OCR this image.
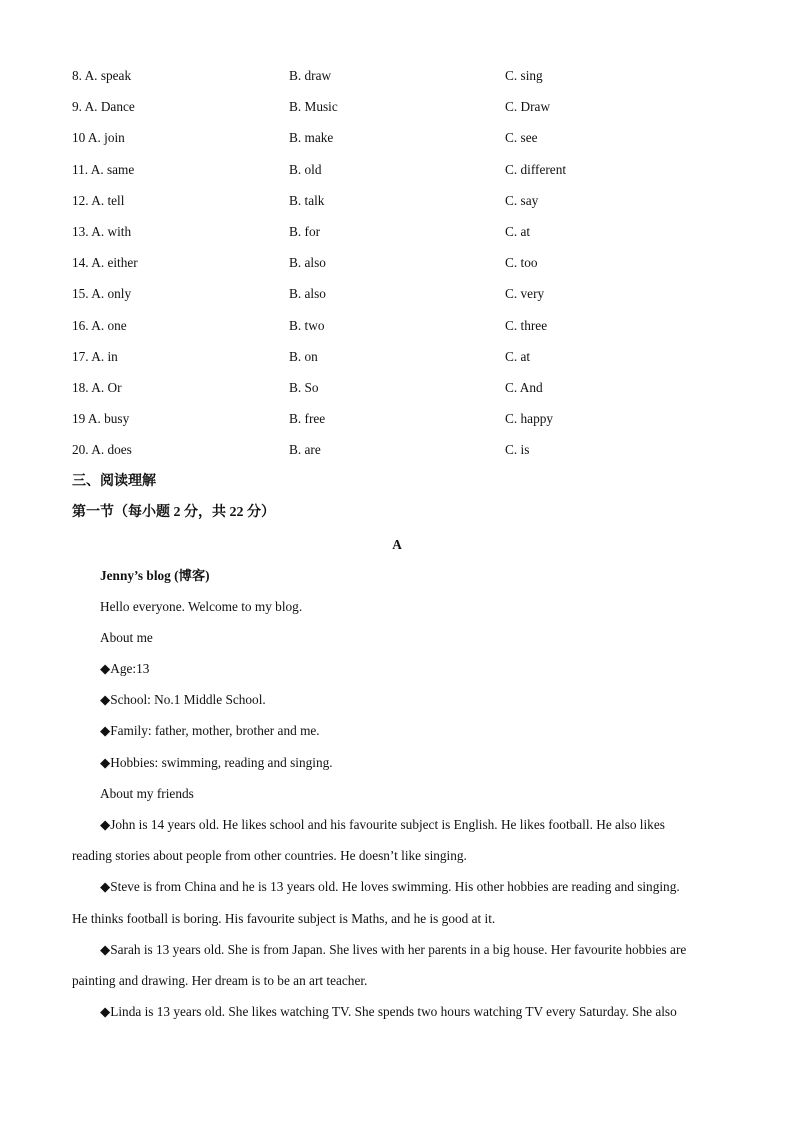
8. A. speak	B. draw	C. sing
9. A. Dance	B. Music	C. Draw
10 A. join	B. make	C. see
11. A. same	B. old	C. different
12. A. tell	B. talk	C. say
13. A. with	B. for	C. at
14. A. either	B. also	C. too
15. A. only	B. also	C. very
16. A. one	B. two	C. three
17. A. in	B. on	C. at
18. A. Or	B. So	C. And
19 A. busy	B. free	C. happy
20. A. does	B. are	C. is
三、阅读理解
第一节（每小题 2 分，共 22 分）
A
Jenny’s blog (博客)
Hello everyone. Welcome to my blog.
About me
◆Age:13
◆School: No.1 Middle School.
◆Family: father, mother, brother and me.
◆Hobbies: swimming, reading and singing.
About my friends
◆John is 14 years old. He likes school and his favourite subject is English. He likes football. He also likes
reading stories about people from other countries. He doesn’t like singing.
◆Steve is from China and he is 13 years old. He loves swimming. His other hobbies are reading and singing.
He thinks football is boring. His favourite subject is Maths, and he is good at it.
◆Sarah is 13 years old. She is from Japan. She lives with her parents in a big house. Her favourite hobbies are
painting and drawing. Her dream is to be an art teacher.
◆Linda is 13 years old. She likes watching TV. She spends two hours watching TV every Saturday. She also
